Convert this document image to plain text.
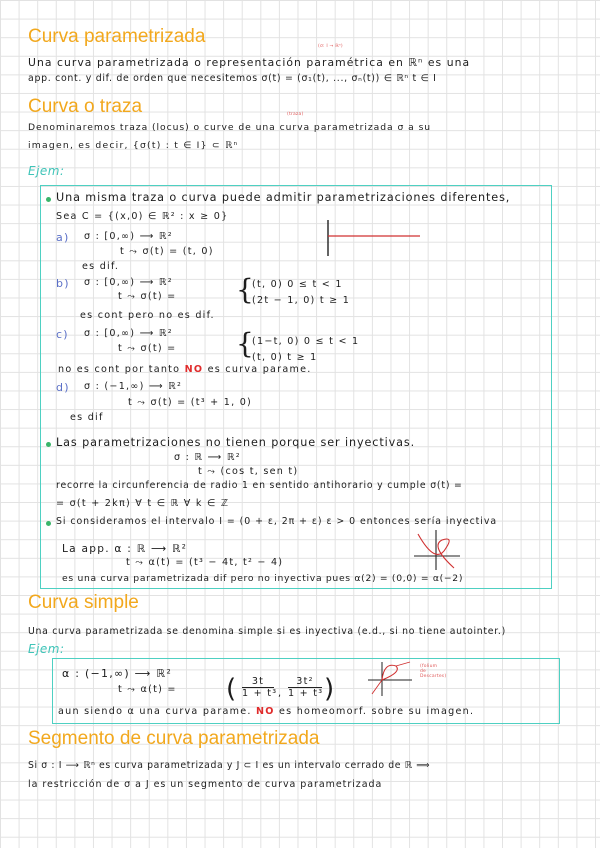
Curva parametrizada	(σ: I → ℝⁿ)
Una curva parametrizada o representación paramétrica en ℝⁿ es una
app. cont. y dif. de orden que necesitemos σ(t) = (σ₁(t), ..., σₙ(t)) ∈ ℝⁿ t ∈ I
Curva o traza	(traza)
Denominaremos traza (locus) o curve de una curva parametrizada σ a su
imagen, es decir, {σ(t) : t ∈ I} ⊂ ℝⁿ
Ejem:
Una misma traza o curva puede admitir parametrizaciones diferentes,
Sea C = {(x,0) ∈ ℝ² : x ≥ 0}
a) σ : [0,∞) ⟶ ℝ²
t ⤳ σ(t) = (t, 0)
es dif.
b) σ : [0,∞) ⟶ ℝ²
t ⤳ σ(t) = {
(t, 0) 0 ≤ t < 1
(2t − 1, 0) t ≥ 1
es cont pero no es dif.
c) σ : [0,∞) ⟶ ℝ²
t ⤳ σ(t) = {
(1−t, 0) 0 ≤ t < 1
(t, 0) t ≥ 1
no es cont por tanto NO es curva parame.
d) σ : (−1,∞) ⟶ ℝ²
t ⤳ σ(t) = (t³ + 1, 0)
es dif
Las parametrizaciones no tienen porque ser inyectivas.
σ : ℝ ⟶ ℝ²
t ⤳ (cos t, sen t)
recorre la circunferencia de radio 1 en sentido antihorario y cumple σ(t) =
= σ(t + 2kπ) ∀ t ∈ ℝ ∀ k ∈ ℤ
Si consideramos el intervalo I = (0 + ε, 2π + ε) ε > 0 entonces sería inyectiva
La app. α : ℝ ⟶ ℝ²
t ⤳ α(t) = (t³ − 4t, t² − 4)
es una curva parametrizada dif pero no inyectiva pues α(2) = (0,0) = α(−2)
Curva simple
Una curva parametrizada se denomina simple si es inyectiva (e.d., si no tiene autointer.)
Ejem:
α : (−1,∞) ⟶ ℝ²
t ⤳ α(t) = ( $\frac{3t}{\text{1 + t³}}$ , $\frac{\text{3t²}}{\text{1 + t³}}$ )
aun siendo α una curva parame. NO es homeomorf. sobre su imagen.
(folium de Descartes)
Segmento de curva parametrizada
Si σ : I ⟶ ℝⁿ es curva parametrizada y J ⊂ I es un intervalo cerrado de ℝ ⟹
la restricción de σ a J es un segmento de curva parametrizada
